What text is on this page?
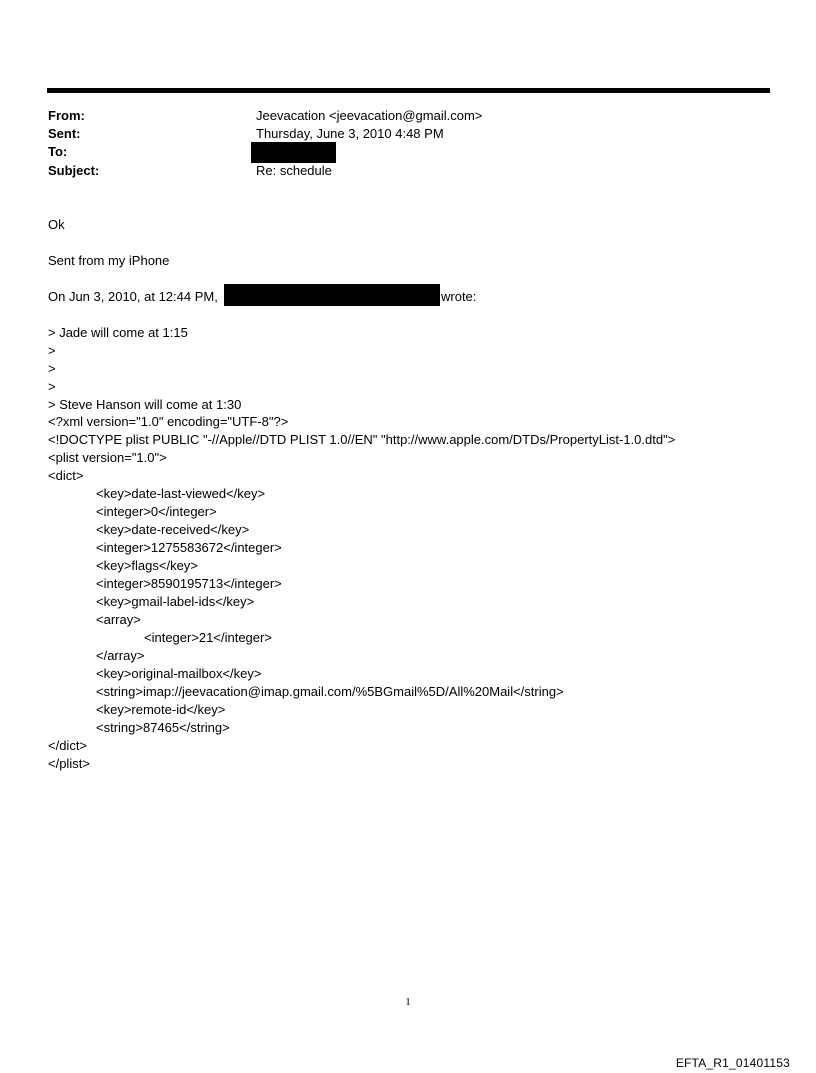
From:	Jeevacation <jeevacation@gmail.com>
Sent:	Thursday, June 3, 2010 4:48 PM
To:
Subject:	Re: schedule
Ok
Sent from my iPhone
On Jun 3, 2010, at 12:44 PM,	wrote:
> Jade will come at 1:15
>
>
>
> Steve Hanson will come at 1:30
<?xml version="1.0" encoding="UTF-8"?>
<!DOCTYPE plist PUBLIC "-//Apple//DTD PLIST 1.0//EN" "http://www.apple.com/DTDs/PropertyList-1.0.dtd">
<plist version="1.0">
<dict>
<key>date-last-viewed</key>
<integer>0</integer>
<key>date-received</key>
<integer>1275583672</integer>
<key>flags</key>
<integer>8590195713</integer>
<key>gmail-label-ids</key>
<array>
<integer>21</integer>
</array>
<key>original-mailbox</key>
<string>imap://jeevacation@imap.gmail.com/%5BGmail%5D/All%20Mail</string>
<key>remote-id</key>
<string>87465</string>
</dict>
</plist>
1
EFTA_R1_01401153
